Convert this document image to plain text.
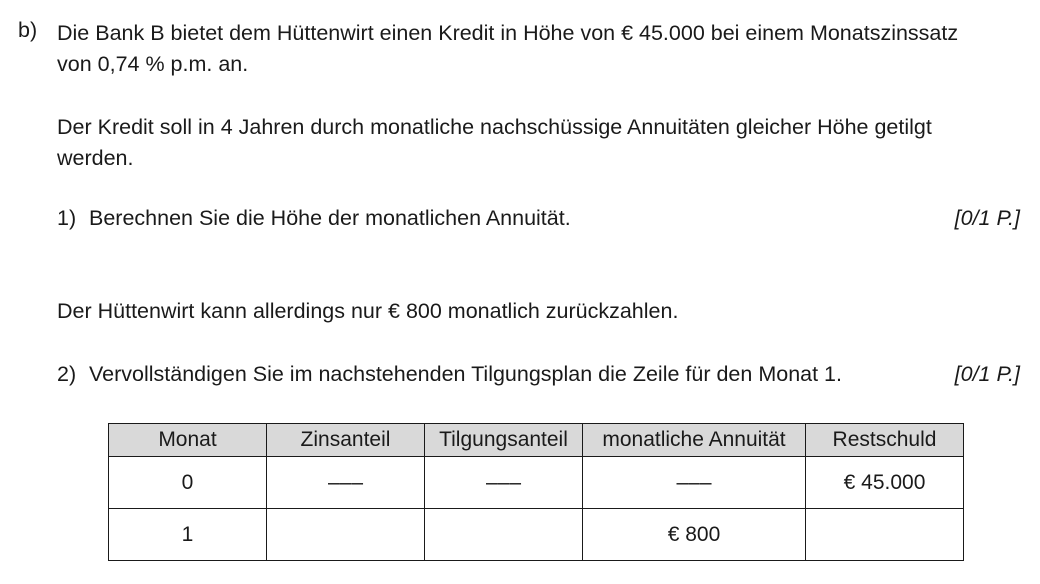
b) Die Bank B bietet dem Hüttenwirt einen Kredit in Höhe von € 45.000 bei einem Monatszinssatz
von 0,74 % p.m. an.
Der Kredit soll in 4 Jahren durch monatliche nachschüssige Annuitäten gleicher Höhe getilgt
werden.
1) Berechnen Sie die Höhe der monatlichen Annuität.	[0/1 P.]
Der Hüttenwirt kann allerdings nur € 800 monatlich zurückzahlen.
2) Vervollständigen Sie im nachstehenden Tilgungsplan die Zeile für den Monat 1.	[0/1 P.]
Monat	Zinsanteil	Tilgungsanteil	monatliche Annuität	Restschuld
0	–––	–––	–––	€ 45.000
1			€ 800	
